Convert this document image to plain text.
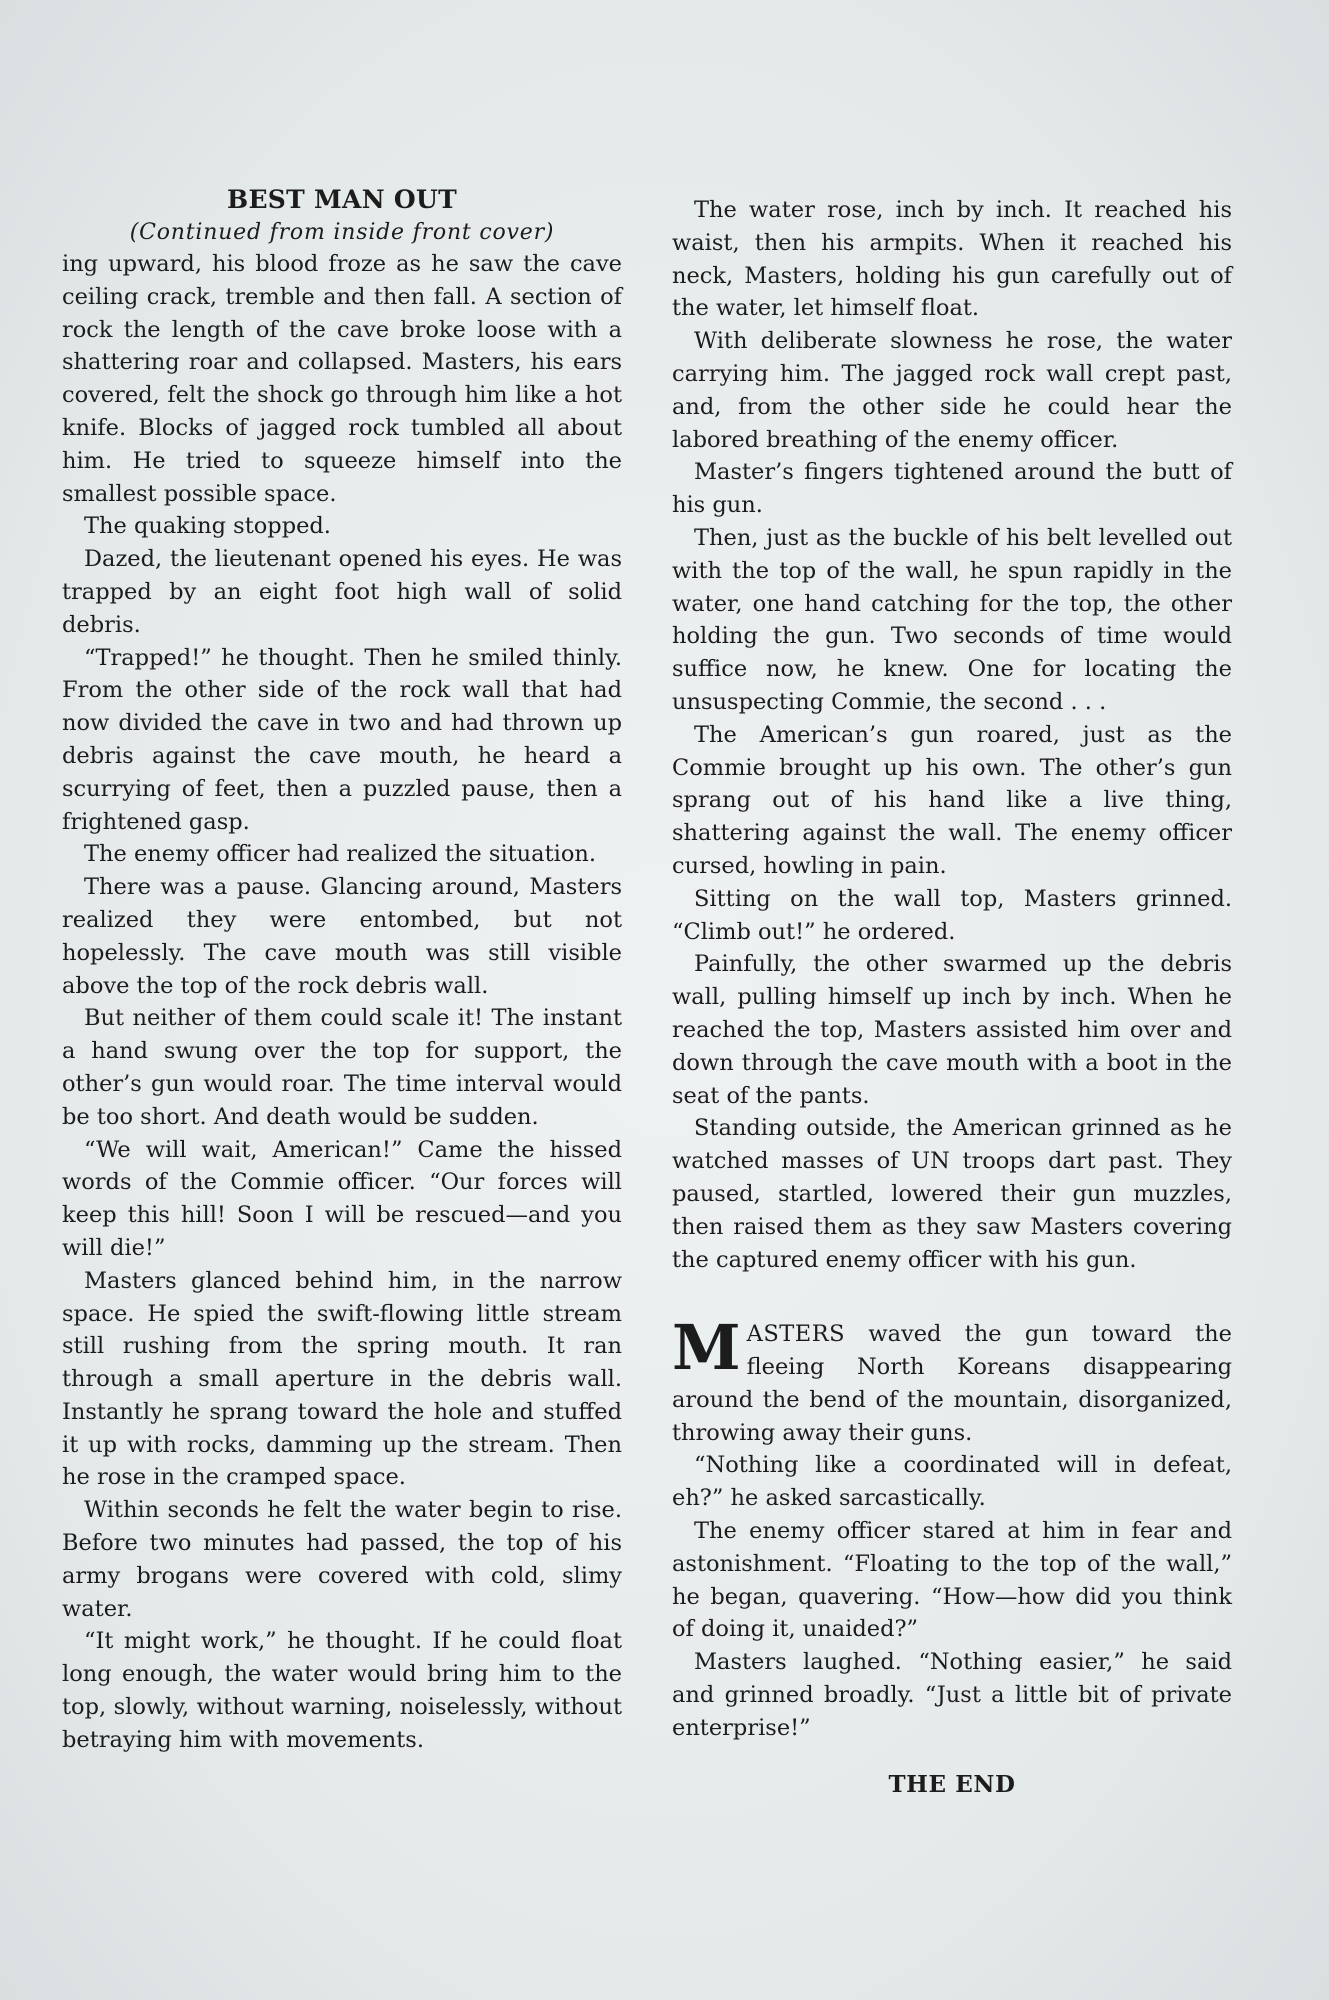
BEST MAN OUT
(Continued from inside front cover)

ing upward, his blood froze as he saw the cave ceiling crack, tremble and then fall. A section of rock the length of the cave broke loose with a shattering roar and collapsed. Masters, his ears covered, felt the shock go through him like a hot knife. Blocks of jagged rock tumbled all about him. He tried to squeeze himself into the smallest possible space.

The quaking stopped.

Dazed, the lieutenant opened his eyes. He was trapped by an eight foot high wall of solid debris.

“Trapped!” he thought. Then he smiled thinly. From the other side of the rock wall that had now divided the cave in two and had thrown up debris against the cave mouth, he heard a scurrying of feet, then a puzzled pause, then a frightened gasp.

The enemy officer had realized the situation.

There was a pause. Glancing around, Masters realized they were entombed, but not hopelessly. The cave mouth was still visible above the top of the rock debris wall.

But neither of them could scale it! The instant a hand swung over the top for support, the other’s gun would roar. The time interval would be too short. And death would be sudden.

“We will wait, American!” Came the hissed words of the Commie officer. “Our forces will keep this hill! Soon I will be rescued—and you will die!”

Masters glanced behind him, in the narrow space. He spied the swift-flowing little stream still rushing from the spring mouth. It ran through a small aperture in the debris wall. Instantly he sprang toward the hole and stuffed it up with rocks, damming up the stream. Then he rose in the cramped space.

Within seconds he felt the water begin to rise. Before two minutes had passed, the top of his army brogans were covered with cold, slimy water.

“It might work,” he thought. If he could float long enough, the water would bring him to the top, slowly, without warning, noiselessly, without betraying him with movements.

The water rose, inch by inch. It reached his waist, then his armpits. When it reached his neck, Masters, holding his gun carefully out of the water, let himself float.

With deliberate slowness he rose, the water carrying him. The jagged rock wall crept past, and, from the other side he could hear the labored breathing of the enemy officer.

Master’s fingers tightened around the butt of his gun.

Then, just as the buckle of his belt levelled out with the top of the wall, he spun rapidly in the water, one hand catching for the top, the other holding the gun. Two seconds of time would suffice now, he knew. One for locating the unsuspecting Commie, the second . . .

The American’s gun roared, just as the Commie brought up his own. The other’s gun sprang out of his hand like a live thing, shattering against the wall. The enemy officer cursed, howling in pain.

Sitting on the wall top, Masters grinned. “Climb out!” he ordered.

Painfully, the other swarmed up the debris wall, pulling himself up inch by inch. When he reached the top, Masters assisted him over and down through the cave mouth with a boot in the seat of the pants.

Standing outside, the American grinned as he watched masses of UN troops dart past. They paused, startled, lowered their gun muzzles, then raised them as they saw Masters covering the captured enemy officer with his gun.

MASTERS waved the gun toward the fleeing North Koreans disappearing around the bend of the mountain, disorganized, throwing away their guns.

“Nothing like a coordinated will in defeat, eh?” he asked sarcastically.

The enemy officer stared at him in fear and astonishment. “Floating to the top of the wall,” he began, quavering. “How—how did you think of doing it, unaided?”

Masters laughed. “Nothing easier,” he said and grinned broadly. “Just a little bit of private enterprise!”

THE END
